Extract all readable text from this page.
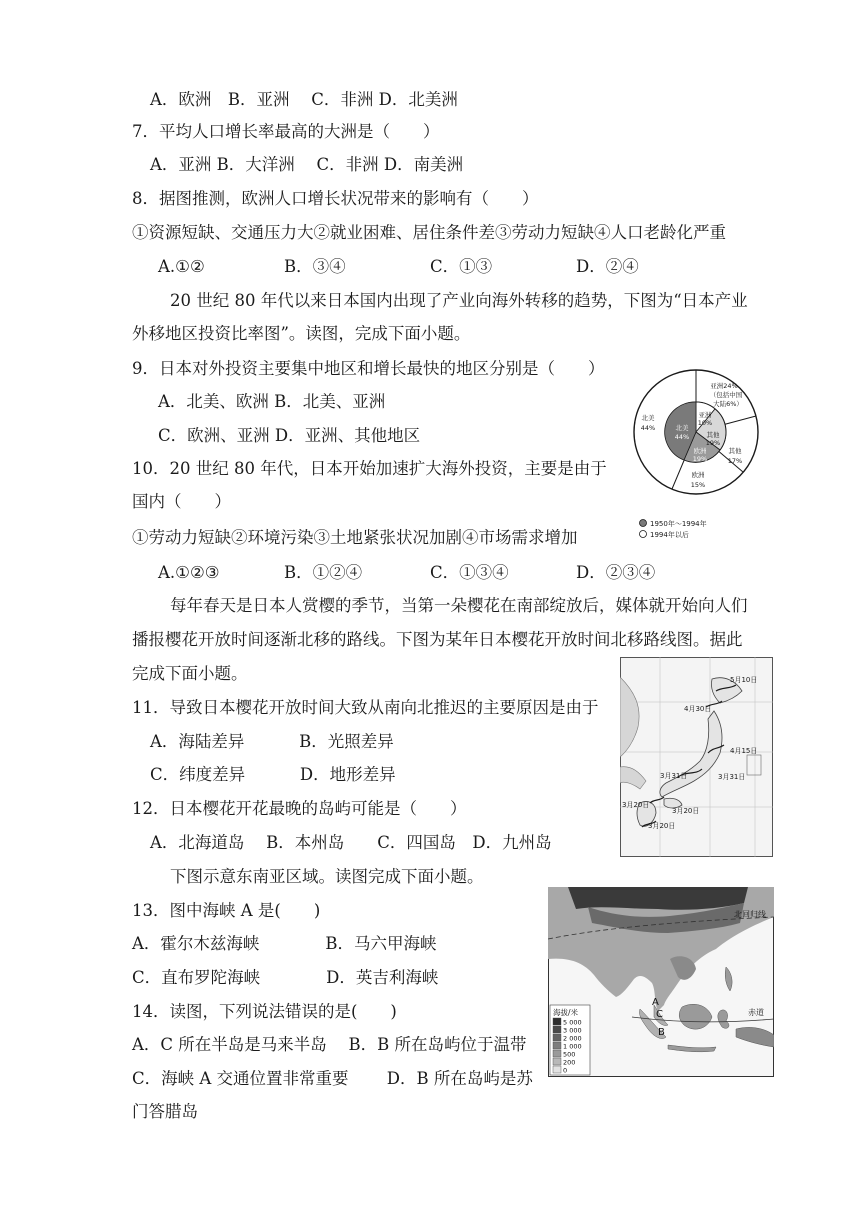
A．欧洲　B．亚洲　 C．非洲 D．北美洲
7．平均人口增长率最高的大洲是（　　）
A．亚洲 B．大洋洲　 C．非洲 D．南美洲
8．据图推测，欧洲人口增长状况带来的影响有（　　）
①资源短缺、交通压力大②就业困难、居住条件差③劳动力短缺④人口老龄化严重
A.①②	B．③④	C．①③	D．②④
20 世纪 80 年代以来日本国内出现了产业向海外转移的趋势，下图为“日本产业
外移地区投资比率图”。读图，完成下面小题。
9．日本对外投资主要集中地区和增长最快的地区分别是（　　）
A．北美、欧洲 B．北美、亚洲
C．欧洲、亚洲 D．亚洲、其他地区
10．20 世纪 80 年代，日本开始加速扩大海外投资，主要是由于
国内（　　）
①劳动力短缺②环境污染③土地紧张状况加剧④市场需求增加
A.①②③	B．①②④	C．①③④	D．②③④
每年春天是日本人赏樱的季节，当第一朵樱花在南部绽放后，媒体就开始向人们
播报樱花开放时间逐渐北移的路线。下图为某年日本樱花开放时间北移路线图。据此
完成下面小题。
11．导致日本樱花开放时间大致从南向北推迟的主要原因是由于
A．海陆差异　　　 B．光照差异
C．纬度差异　　　 D．地形差异
12．日本樱花开花最晚的岛屿可能是（　　）
A．北海道岛　 B．本州岛　　C．四国岛　D．九州岛
下图示意东南亚区域。读图完成下面小题。
13．图中海峡 A 是(　　)
A．霍尔木兹海峡　　　　B．马六甲海峡
C．直布罗陀海峡　　　　D．英吉利海峡
14．读图，下列说法错误的是(　　)
A．C 所在半岛是马来半岛　 B．B 所在岛屿位于温带
C．海峡 A 交通位置非常重要　　 D．B 所在岛屿是苏
门答腊岛
亚洲24%
（包括中国
大陆6%）
其他
17%
欧洲
15%
北美
44%
亚洲
10%
其他
19%
欧洲
19%
北美
44%
1950年～1994年
1994年以后
5月10日
4月30日
4月15日
3月31日	3月31日
3月20日
3月20日
3月20日
北回归线
赤道
A
B
C
海拔/米
5 000
3 000
2 000
1 000
500
200
0
